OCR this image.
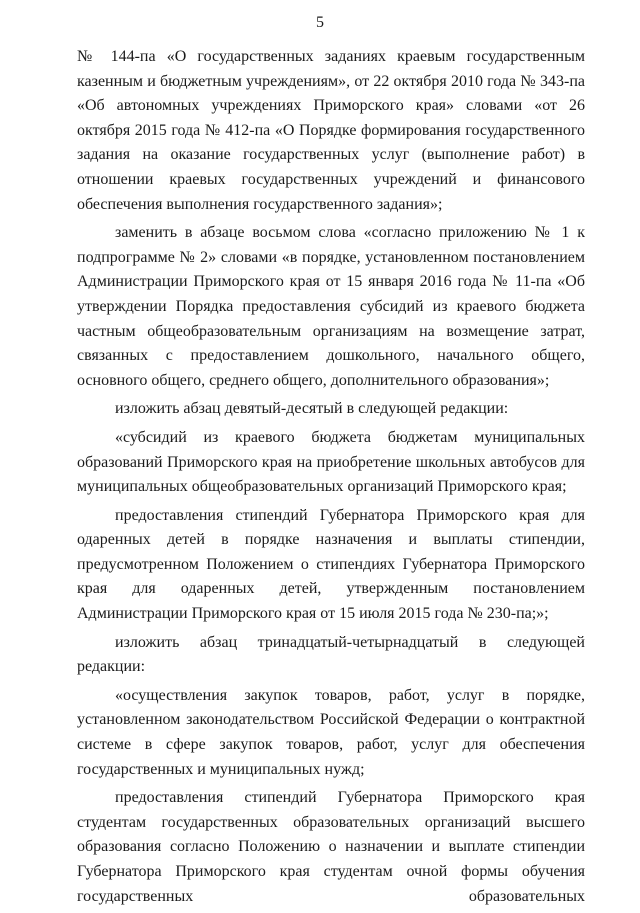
5

№ 144-па «О государственных заданиях краевым государственным казенным и бюджетным учреждениям», от 22 октября 2010 года № 343-па «Об автономных учреждениях Приморского края» словами «от 26 октября 2015 года № 412-па «О Порядке формирования государственного задания на оказание государственных услуг (выполнение работ) в отношении краевых государственных учреждений и финансового обеспечения выполнения государственного задания»;

заменить в абзаце восьмом слова «согласно приложению № 1 к подпрограмме № 2» словами «в порядке, установленном постановлением Администрации Приморского края от 15 января 2016 года № 11-па «Об утверждении Порядка предоставления субсидий из краевого бюджета частным общеобразовательным организациям на возмещение затрат, связанных с предоставлением дошкольного, начального общего, основного общего, среднего общего, дополнительного образования»;

изложить абзац девятый-десятый в следующей редакции:

«субсидий из краевого бюджета бюджетам муниципальных образований Приморского края на приобретение школьных автобусов для муниципальных общеобразовательных организаций Приморского края;

предоставления стипендий Губернатора Приморского края для одаренных детей в порядке назначения и выплаты стипендии, предусмотренном Положением о стипендиях Губернатора Приморского края для одаренных детей, утвержденным постановлением Администрации Приморского края от 15 июля 2015 года № 230-па;»;

изложить абзац тринадцатый-четырнадцатый в следующей редакции:

«осуществления закупок товаров, работ, услуг в порядке, установленном законодательством Российской Федерации о контрактной системе в сфере закупок товаров, работ, услуг для обеспечения государственных и муниципальных нужд;

предоставления стипендий Губернатора Приморского края студентам государственных образовательных организаций высшего образования согласно Положению о назначении и выплате стипендии Губернатора Приморского края студентам очной формы обучения государственных образовательных
